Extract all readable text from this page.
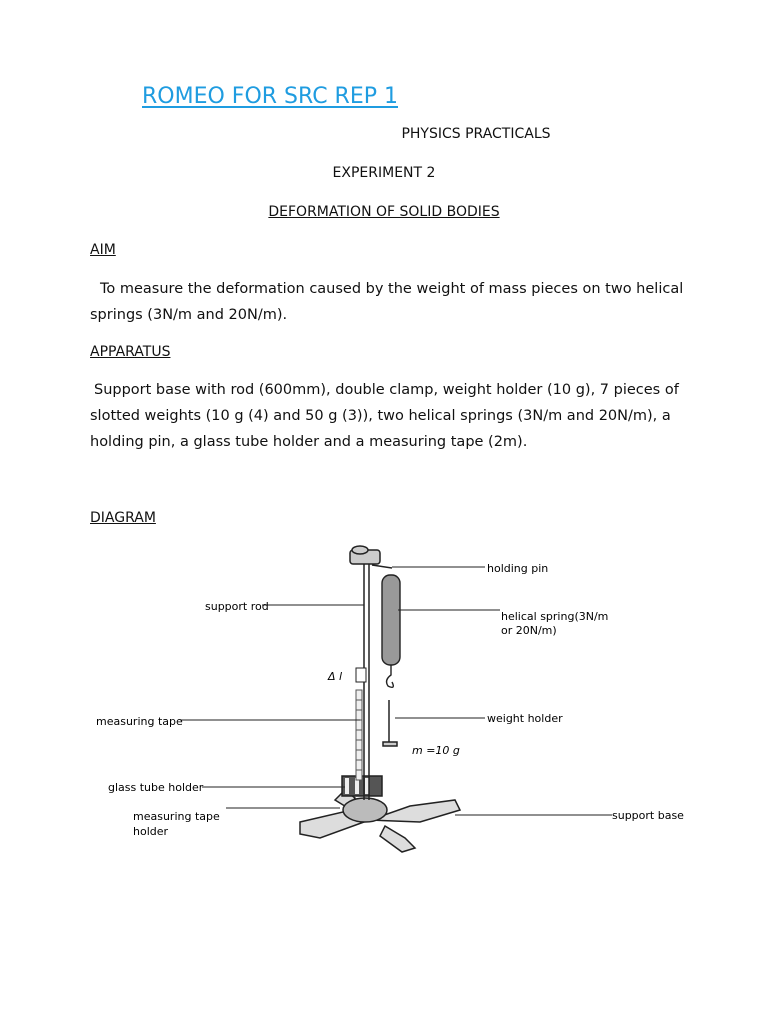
ROMEO FOR SRC REP 1
PHYSICS PRACTICALS
EXPERIMENT 2
DEFORMATION OF SOLID BODIES
AIM
To measure the deformation caused by the weight of mass pieces on two helical springs (3N/m and 20N/m).
APPARATUS
Support base with rod (600mm), double clamp, weight holder (10 g), 7 pieces of slotted weights (10 g (4) and 50 g (3)), two helical springs (3N/m and 20N/m), a holding pin, a glass tube holder and a measuring tape (2m).
DIAGRAM
holding pin
support rod
helical spring(3N/m
or 20N/m)
Δ l
measuring tape	weight holder
m =10 g
glass tube holder
measuring tape
holder
support base
